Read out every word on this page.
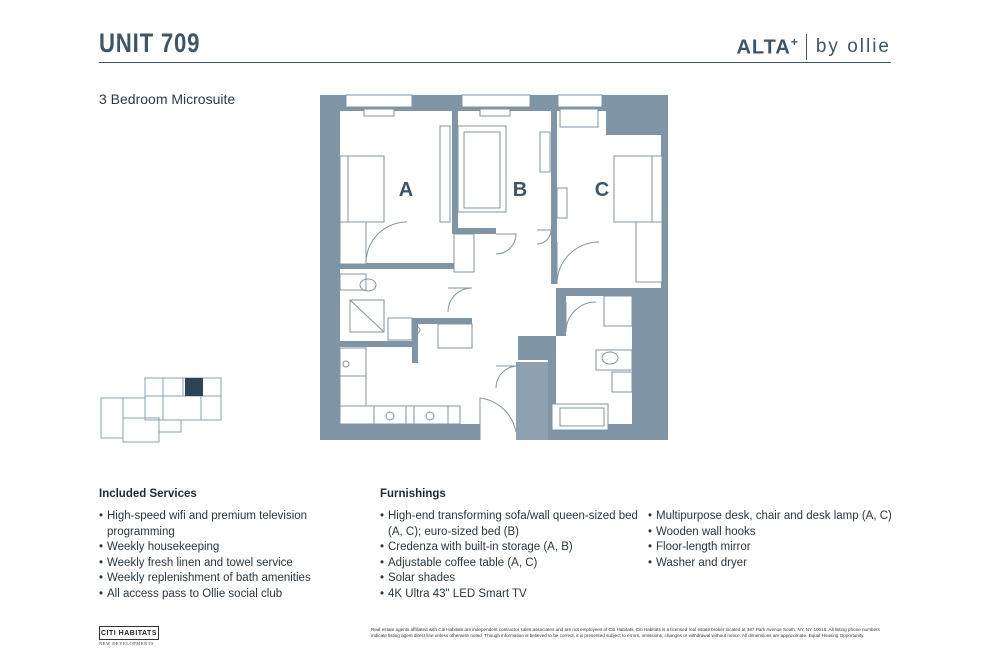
UNIT 709	ALTA+ by ollie
3 Bedroom Microsuite
A	B	C
Included Services
• High-speed wifi and premium television programming
• Weekly housekeeping
• Weekly fresh linen and towel service
• Weekly replenishment of bath amenities
• All access pass to Ollie social club
Furnishings
• High-end transforming sofa/wall queen-sized bed (A, C); euro-sized bed (B)
• Credenza with built-in storage (A, B)
• Adjustable coffee table (A, C)
• Solar shades
• 4K Ultra 43" LED Smart TV
• Multipurpose desk, chair and desk lamp (A, C)
• Wooden wall hooks
• Floor-length mirror
• Washer and dryer
CITI HABITATS
NEW DEVELOPMENTS
Real estate agents affiliated with Citi Habitats are independent contractor sales associates and are not employees of Citi Habitats. Citi Habitats is a licensed real estate broker located at 387 Park Avenue South, NY, NY 10016. All listing phone numbers indicate listing agent direct line unless otherwise noted. Though information is believed to be correct, it is presented subject to errors, omissions, changes or withdrawal without notice. All dimensions are approximate. Equal Housing Opportunity.
